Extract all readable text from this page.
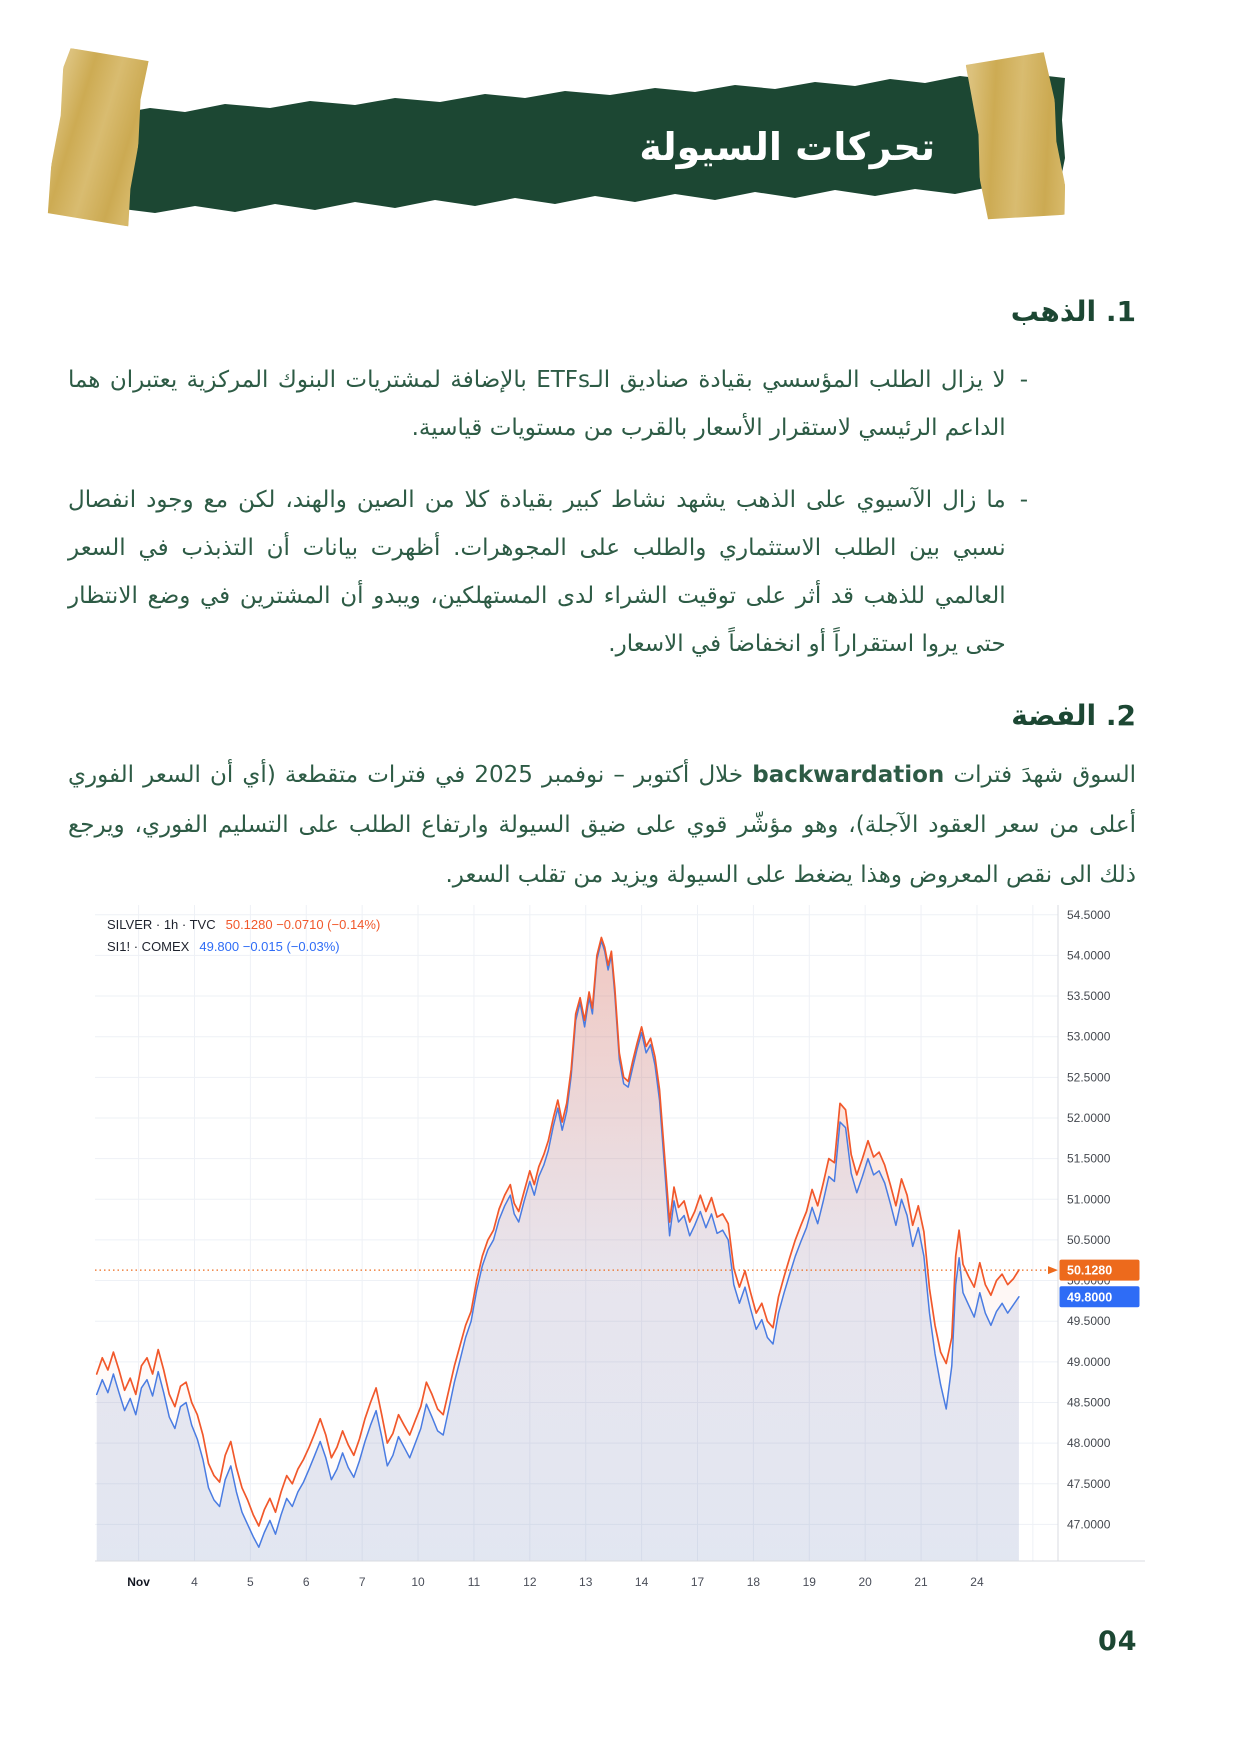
تحركات السيولة
1. الذهب
-

لا يزال الطلب المؤسسي بقيادة صناديق الـETFs بالإضافة لمشتريات البنوك المركزية يعتبران هما الداعم الرئيسي لاستقرار الأسعار بالقرب من مستويات قياسية.

-

ما زال الآسيوي على الذهب يشهد نشاط كبير بقيادة كلا من الصين والهند، لكن مع وجود انفصال نسبي بين الطلب الاستثماري والطلب على المجوهرات. أظهرت بيانات أن التذبذب في السعر العالمي للذهب قد أثر على توقيت الشراء لدى المستهلكين، ويبدو أن المشترين في وضع الانتظار حتى يروا استقراراً أو انخفاضاً في الاسعار.

2. الفضة

السوق شهدَ فترات backwardation خلال أكتوبر – نوفمبر 2025 في فترات متقطعة (أي أن السعر الفوري أعلى من سعر العقود الآجلة)، وهو مؤشّر قوي على ضيق السيولة وارتفاع الطلب على التسليم الفوري، ويرجع ذلك الى نقص المعروض وهذا يضغط على السيولة ويزيد من تقلب السعر.

47.0000
47.5000
48.0000
48.5000
49.0000
49.5000
50.5000
51.0000
51.5000
52.0000
52.5000
53.0000
53.5000
54.0000
54.5000
50.1280
49.8000
Nov	4	5	6	7	10	11	12	13	14	17	18	19	20	21	24
SILVER · 1h · TVC 50.1280 −0.0710 (−0.14%)
SI1! · COMEX 49.800 −0.015 (−0.03%)
04
